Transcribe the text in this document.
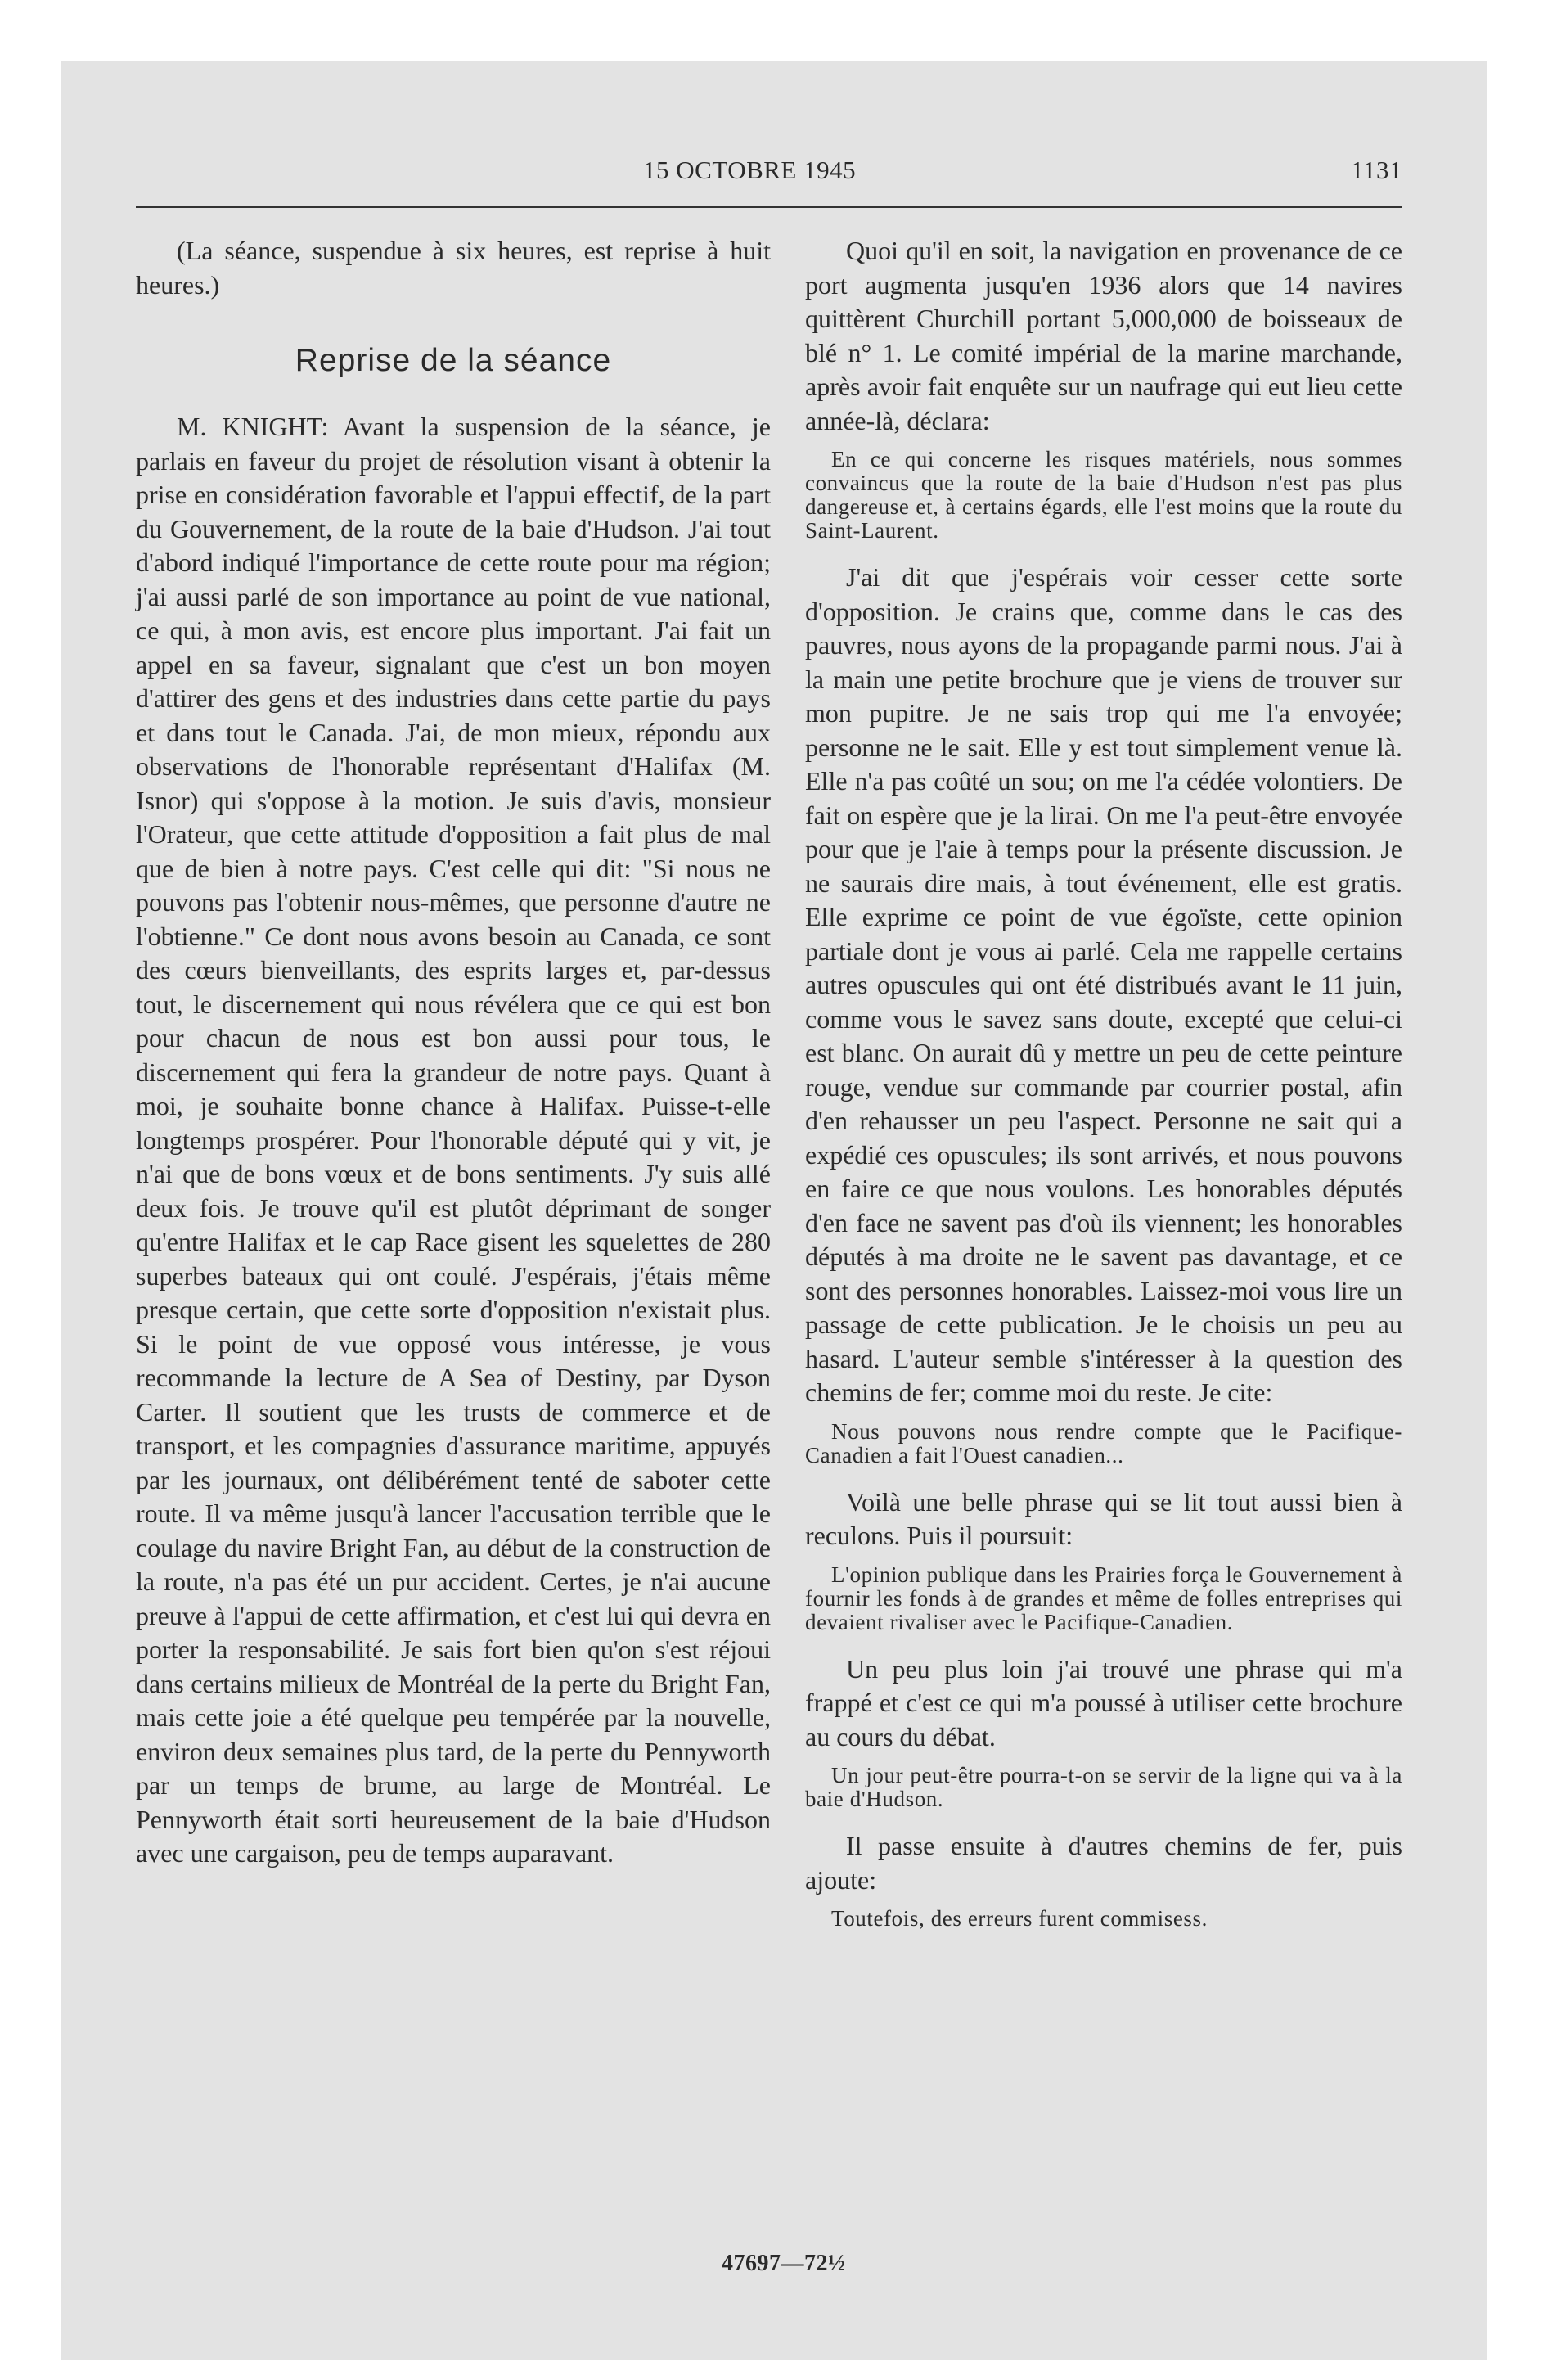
15 OCTOBRE 1945	1131

(La séance, suspendue à six heures, est reprise à huit heures.)

Reprise de la séance

M. KNIGHT: Avant la suspension de la séance, je parlais en faveur du projet de résolution visant à obtenir la prise en considération favorable et l'appui effectif, de la part du Gouvernement, de la route de la baie d'Hudson. J'ai tout d'abord indiqué l'importance de cette route pour ma région; j'ai aussi parlé de son importance au point de vue national, ce qui, à mon avis, est encore plus important. J'ai fait un appel en sa faveur, signalant que c'est un bon moyen d'attirer des gens et des industries dans cette partie du pays et dans tout le Canada. J'ai, de mon mieux, répondu aux observations de l'honorable représentant d'Halifax (M. Isnor) qui s'oppose à la motion. Je suis d'avis, monsieur l'Orateur, que cette attitude d'opposition a fait plus de mal que de bien à notre pays. C'est celle qui dit: "Si nous ne pouvons pas l'obtenir nous-mêmes, que personne d'autre ne l'obtienne." Ce dont nous avons besoin au Canada, ce sont des cœurs bienveillants, des esprits larges et, par-dessus tout, le discernement qui nous révélera que ce qui est bon pour chacun de nous est bon aussi pour tous, le discernement qui fera la grandeur de notre pays. Quant à moi, je souhaite bonne chance à Halifax. Puisse-t-elle longtemps prospérer. Pour l'honorable député qui y vit, je n'ai que de bons vœux et de bons sentiments. J'y suis allé deux fois. Je trouve qu'il est plutôt déprimant de songer qu'entre Halifax et le cap Race gisent les squelettes de 280 superbes bateaux qui ont coulé. J'espérais, j'étais même presque certain, que cette sorte d'opposition n'existait plus. Si le point de vue opposé vous intéresse, je vous recommande la lecture de A Sea of Destiny, par Dyson Carter. Il soutient que les trusts de commerce et de transport, et les compagnies d'assurance maritime, appuyés par les journaux, ont délibérément tenté de saboter cette route. Il va même jusqu'à lancer l'accusation terrible que le coulage du navire Bright Fan, au début de la construction de la route, n'a pas été un pur accident. Certes, je n'ai aucune preuve à l'appui de cette affirmation, et c'est lui qui devra en porter la responsabilité. Je sais fort bien qu'on s'est réjoui dans certains milieux de Montréal de la perte du Bright Fan, mais cette joie a été quelque peu tempérée par la nouvelle, environ deux semaines plus tard, de la perte du Pennyworth par un temps de brume, au large de Montréal. Le Pennyworth était sorti heureusement de la baie d'Hudson avec une cargaison, peu de temps auparavant.

Quoi qu'il en soit, la navigation en provenance de ce port augmenta jusqu'en 1936 alors que 14 navires quittèrent Churchill portant 5,000,000 de boisseaux de blé n° 1. Le comité impérial de la marine marchande, après avoir fait enquête sur un naufrage qui eut lieu cette année-là, déclara:

En ce qui concerne les risques matériels, nous sommes convaincus que la route de la baie d'Hudson n'est pas plus dangereuse et, à certains égards, elle l'est moins que la route du Saint-Laurent.

J'ai dit que j'espérais voir cesser cette sorte d'opposition. Je crains que, comme dans le cas des pauvres, nous ayons de la propagande parmi nous. J'ai à la main une petite brochure que je viens de trouver sur mon pupitre. Je ne sais trop qui me l'a envoyée; personne ne le sait. Elle y est tout simplement venue là. Elle n'a pas coûté un sou; on me l'a cédée volontiers. De fait on espère que je la lirai. On me l'a peut-être envoyée pour que je l'aie à temps pour la présente discussion. Je ne saurais dire mais, à tout événement, elle est gratis. Elle exprime ce point de vue égoïste, cette opinion partiale dont je vous ai parlé. Cela me rappelle certains autres opuscules qui ont été distribués avant le 11 juin, comme vous le savez sans doute, excepté que celui-ci est blanc. On aurait dû y mettre un peu de cette peinture rouge, vendue sur commande par courrier postal, afin d'en rehausser un peu l'aspect. Personne ne sait qui a expédié ces opuscules; ils sont arrivés, et nous pouvons en faire ce que nous voulons. Les honorables députés d'en face ne savent pas d'où ils viennent; les honorables députés à ma droite ne le savent pas davantage, et ce sont des personnes honorables. Laissez-moi vous lire un passage de cette publication. Je le choisis un peu au hasard. L'auteur semble s'intéresser à la question des chemins de fer; comme moi du reste. Je cite:

Nous pouvons nous rendre compte que le Pacifique-Canadien a fait l'Ouest canadien...

Voilà une belle phrase qui se lit tout aussi bien à reculons. Puis il poursuit:

L'opinion publique dans les Prairies força le Gouvernement à fournir les fonds à de grandes et même de folles entreprises qui devaient rivaliser avec le Pacifique-Canadien.

Un peu plus loin j'ai trouvé une phrase qui m'a frappé et c'est ce qui m'a poussé à utiliser cette brochure au cours du débat.

Un jour peut-être pourra-t-on se servir de la ligne qui va à la baie d'Hudson.

Il passe ensuite à d'autres chemins de fer, puis ajoute:

Toutefois, des erreurs furent commisess.

47697—72½
